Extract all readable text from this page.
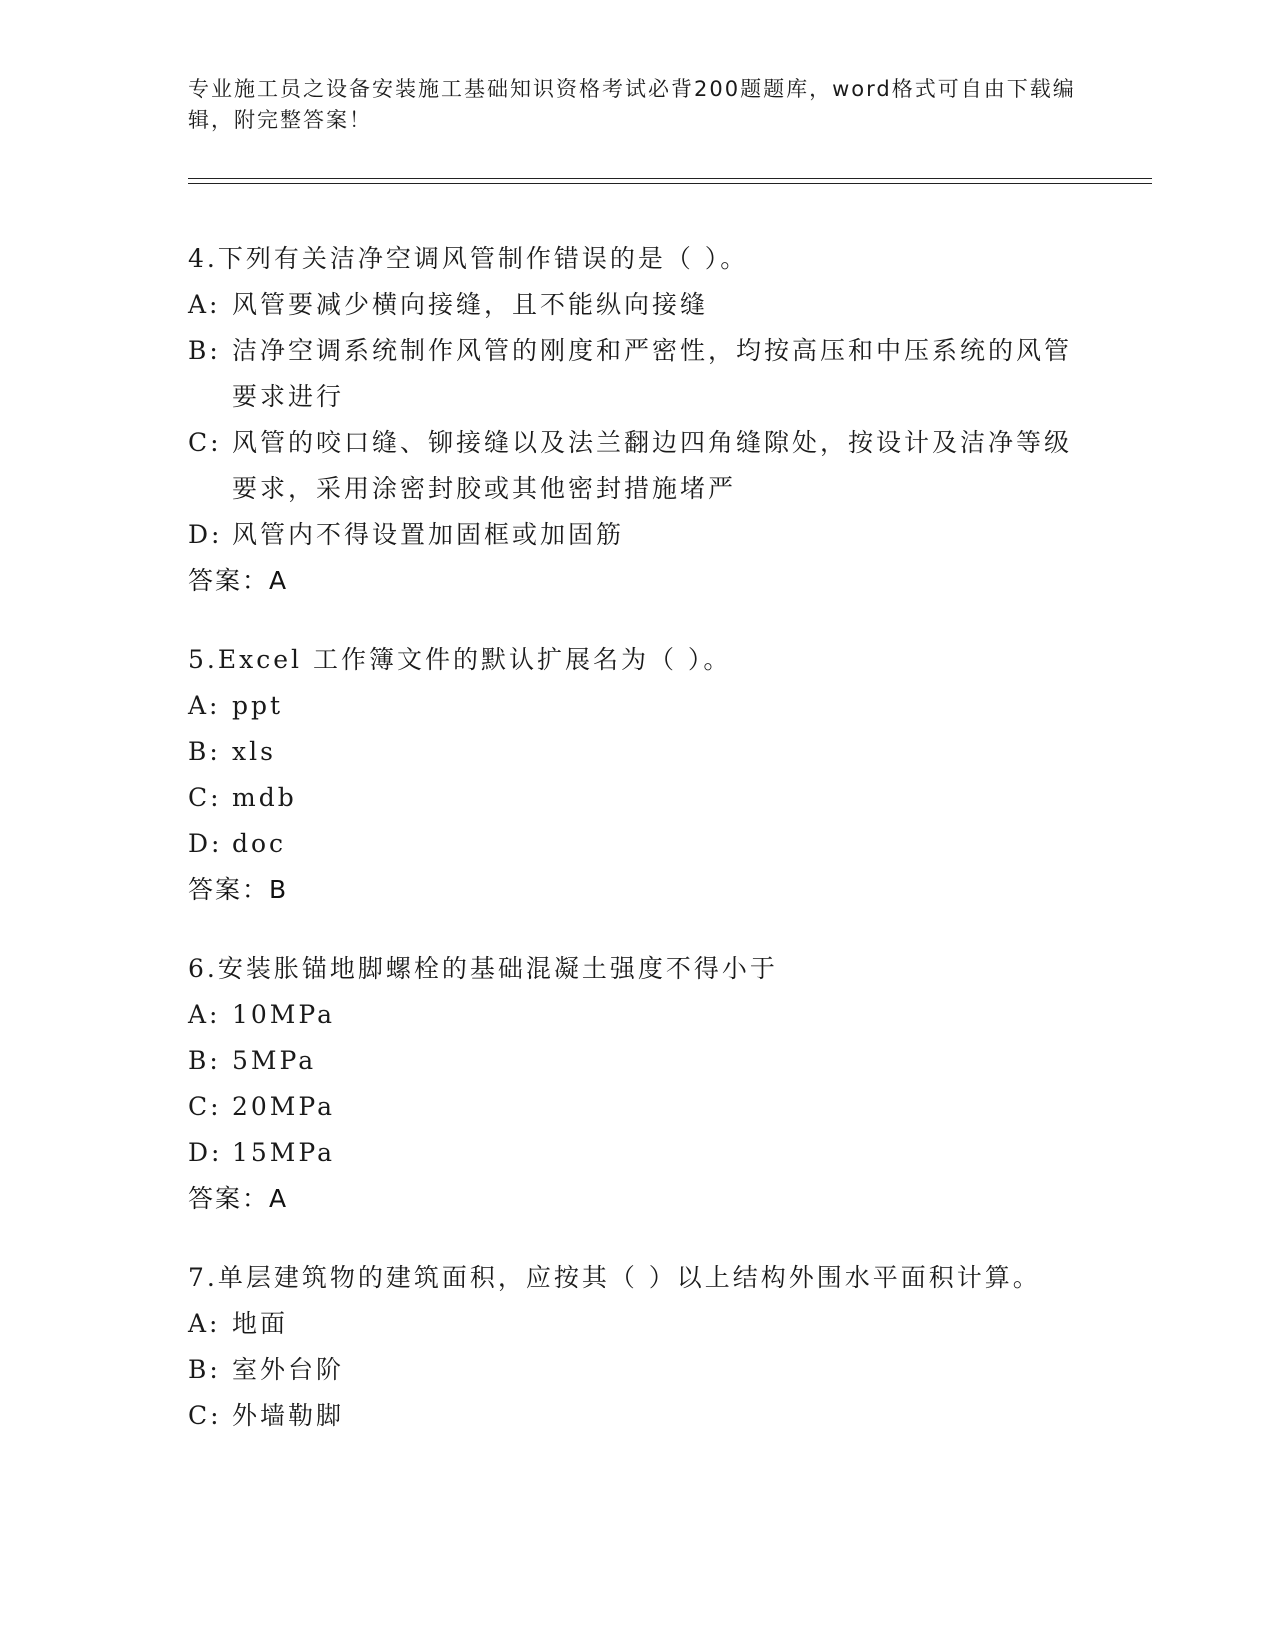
专业施工员之设备安装施工基础知识资格考试必背200题题库，word格式可自由下载编辑，附完整答案！
4.下列有关洁净空调风管制作错误的是（ ）。
A: 风管要减少横向接缝，且不能纵向接缝
B: 洁净空调系统制作风管的刚度和严密性，均按高压和中压系统的风管要求进行
C: 风管的咬口缝、铆接缝以及法兰翻边四角缝隙处，按设计及洁净等级要求，采用涂密封胶或其他密封措施堵严
D: 风管内不得设置加固框或加固筋
答案：A
5.Excel 工作簿文件的默认扩展名为（ ）。
A: ppt
B: xls
C: mdb
D: doc
答案：B
6.安装胀锚地脚螺栓的基础混凝土强度不得小于
A: 10MPa
B: 5MPa
C: 20MPa
D: 15MPa
答案：A
7.单层建筑物的建筑面积，应按其（ ）以上结构外围水平面积计算。
A: 地面
B: 室外台阶
C: 外墙勒脚
